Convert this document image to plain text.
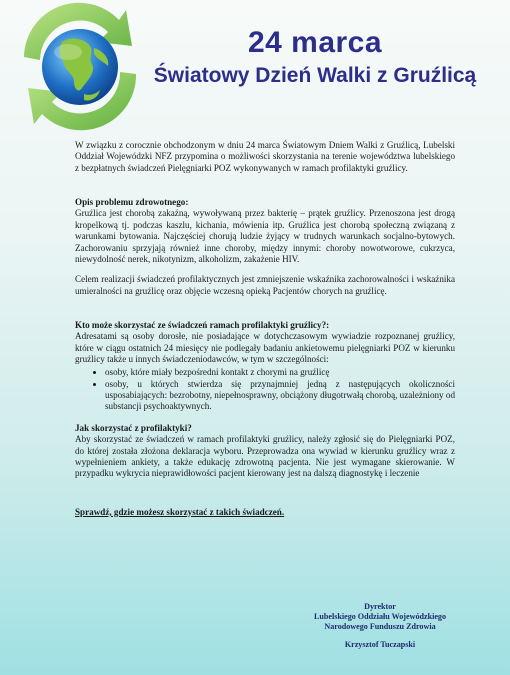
24 marca
Światowy Dzień Walki z Gruźlicą

W związku z corocznie obchodzonym w dniu 24 marca Światowym Dniem Walki z Gruźlicą, Lubelski Oddział Wojewódzki NFZ przypomina o możliwości skorzystania na terenie województwa lubelskiego z bezpłatnych świadczeń Pielęgniarki POZ wykonywanych w ramach profilaktyki gruźlicy.

Opis problemu zdrowotnego:

Gruźlica jest chorobą zakaźną, wywoływaną przez bakterię – prątek gruźlicy. Przenoszona jest drogą kropelkową tj. podczas kaszlu, kichania, mówienia itp. Gruźlica jest chorobą społeczną związaną z warunkami bytowania. Najczęściej chorują ludzie żyjący w trudnych warunkach socjalno-bytowych. Zachorowaniu sprzyjają również inne choroby, między innymi: choroby nowotworowe, cukrzyca, niewydolność nerek, nikotynizm, alkoholizm, zakażenie HIV.

Celem realizacji świadczeń profilaktycznych jest zmniejszenie wskaźnika zachorowalności i wskaźnika umieralności na gruźlicę oraz objęcie wczesną opieką Pacjentów chorych na gruźlicę.

Kto może skorzystać ze świadczeń ramach profilaktyki gruźlicy?:

Adresatami są osoby dorosłe, nie posiadające w dotychczasowym wywiadzie rozpoznanej gruźlicy, które w ciągu ostatnich 24 miesięcy nie podlegały badaniu ankietowemu pielęgniarki POZ w kierunku gruźlicy także u innych świadczeniodawców, w tym w szczególności:

• osoby, które miały bezpośredni kontakt z chorymi na gruźlicę
• osoby, u których stwierdza się przynajmniej jedną z następujących okoliczności usposabiających: bezrobotny, niepełnosprawny, obciążony długotrwałą chorobą, uzależniony od substancji psychoaktywnych.

Jak skorzystać z profilaktyki?

Aby skorzystać ze świadczeń w ramach profilaktyki gruźlicy, należy zgłosić się do Pielęgniarki POZ, do której została złożona deklaracja wyboru. Przeprowadza ona wywiad w kierunku gruźlicy wraz z wypełnieniem ankiety, a także edukację zdrowotną pacjenta. Nie jest wymagane skierowanie. W przypadku wykrycia nieprawidłowości pacjent kierowany jest na dalszą diagnostykę i leczenie

Sprawdź, gdzie możesz skorzystać z takich świadczeń.

Dyrektor
Lubelskiego Oddziału Wojewódzkiego
Narodowego Funduszu Zdrowia
Krzysztof Tuczapski
